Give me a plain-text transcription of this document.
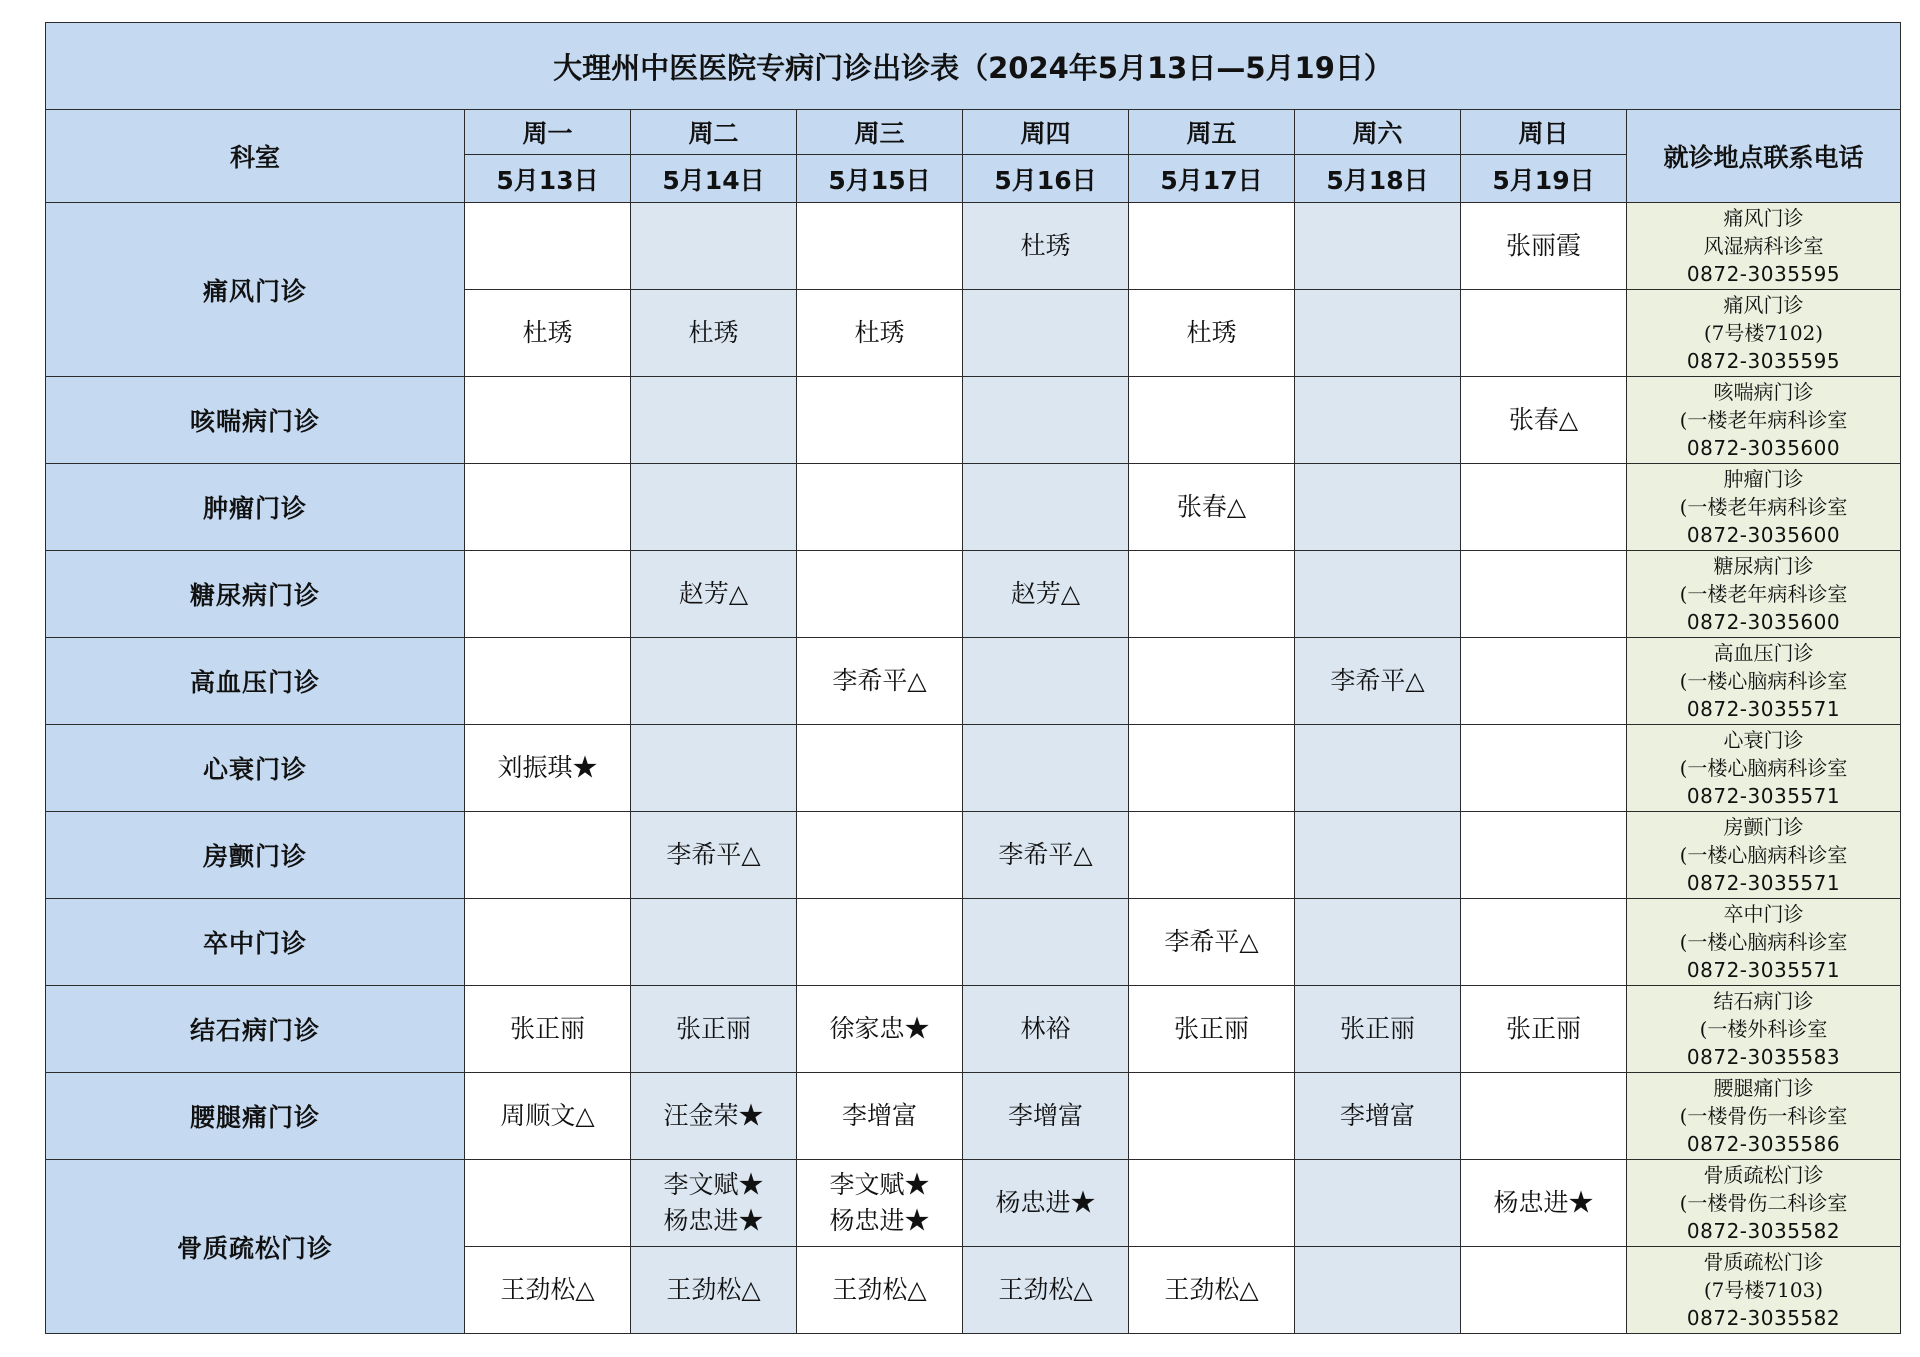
大理州中医医院专病门诊出诊表（2024年5月13日—5月19日）								
科室	周一	周二	周三	周四	周五	周六	周日	就诊地点联系电话
	5月13日	5月14日	5月15日	5月16日	5月17日	5月18日	5月19日	
痛风门诊				杜琇			张丽霞	痛风门诊
风湿病科诊室
0872-3035595

	杜琇	杜琇	杜琇		杜琇			痛风门诊
(7号楼7102)
0872-3035595

咳喘病门诊							张春△	咳喘病门诊
(一楼老年病科诊室
0872-3035600

肿瘤门诊					张春△			肿瘤门诊
(一楼老年病科诊室
0872-3035600

糖尿病门诊		赵芳△		赵芳△				糖尿病门诊
(一楼老年病科诊室
0872-3035600

高血压门诊			李希平△			李希平△		高血压门诊
(一楼心脑病科诊室
0872-3035571

心衰门诊	刘振琪★							心衰门诊
(一楼心脑病科诊室
0872-3035571

房颤门诊		李希平△		李希平△				房颤门诊
(一楼心脑病科诊室
0872-3035571

卒中门诊					李希平△			卒中门诊
(一楼心脑病科诊室
0872-3035571

结石病门诊	张正丽	张正丽	徐家忠★	林裕	张正丽	张正丽	张正丽	结石病门诊
(一楼外科诊室
0872-3035583

腰腿痛门诊	周顺文△	汪金荣★	李增富	李增富		李增富		腰腿痛门诊
(一楼骨伤一科诊室
0872-3035586

骨质疏松门诊		李文赋★
杨忠进★	李文赋★
杨忠进★	杨忠进★			杨忠进★	骨质疏松门诊
(一楼骨伤二科诊室
0872-3035582

	王劲松△	王劲松△	王劲松△	王劲松△	王劲松△			骨质疏松门诊
(7号楼7103)
0872-3035582
